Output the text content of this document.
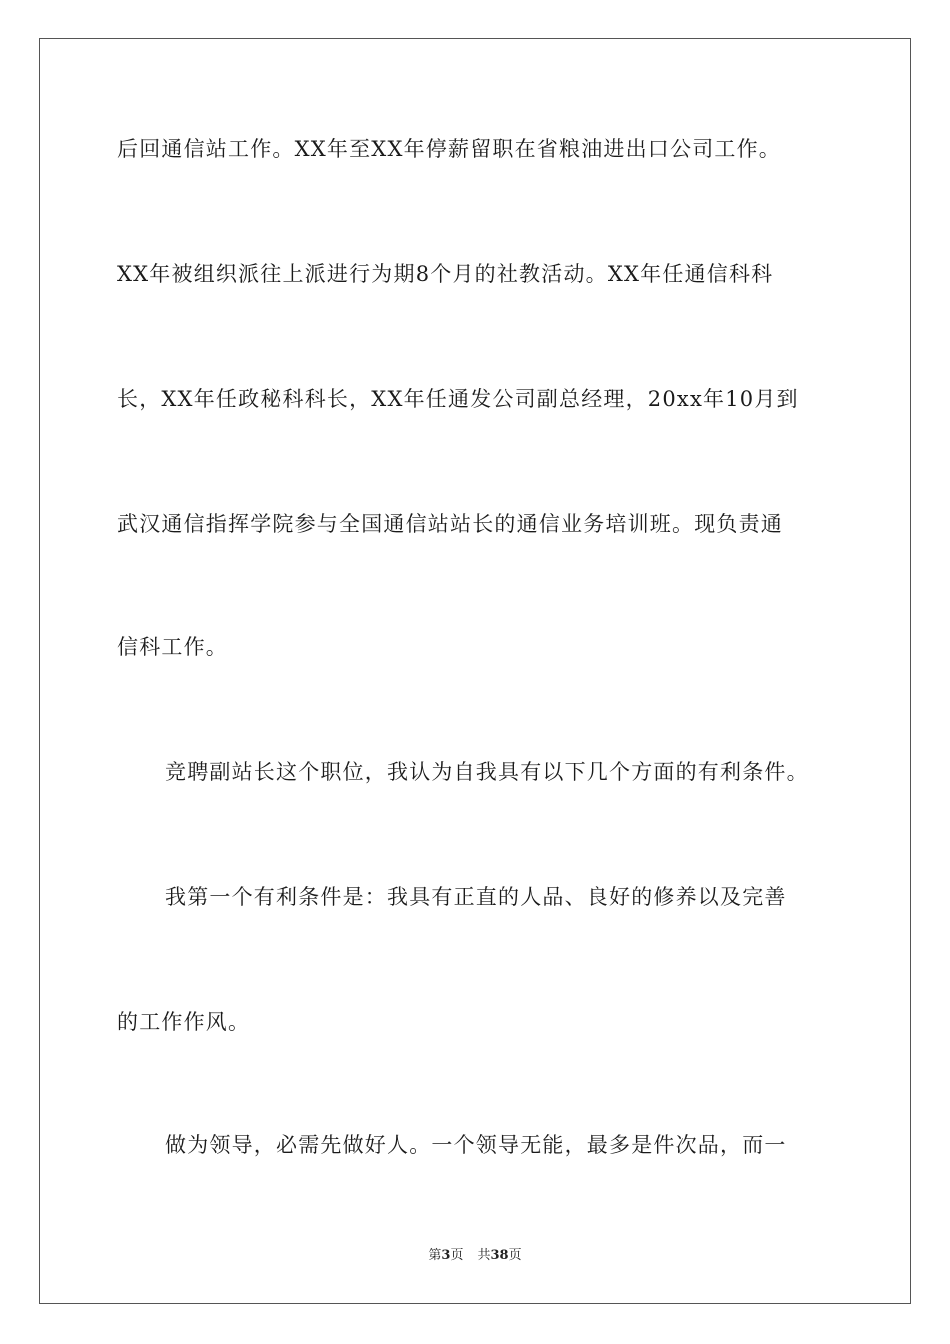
后回通信站工作。XX年至XX年停薪留职在省粮油进出口公司工作。
XX年被组织派往上派进行为期8个月的社教活动。XX年任通信科科
长，XX年任政秘科科长，XX年任通发公司副总经理，20xx年10月到
武汉通信指挥学院参与全国通信站站长的通信业务培训班。现负责通
信科工作。
竞聘副站长这个职位，我认为自我具有以下几个方面的有利条件。
我第一个有利条件是：我具有正直的人品、良好的修养以及完善
的工作作风。
做为领导，必需先做好人。一个领导无能，最多是件次品，而一
第3页 共38页
